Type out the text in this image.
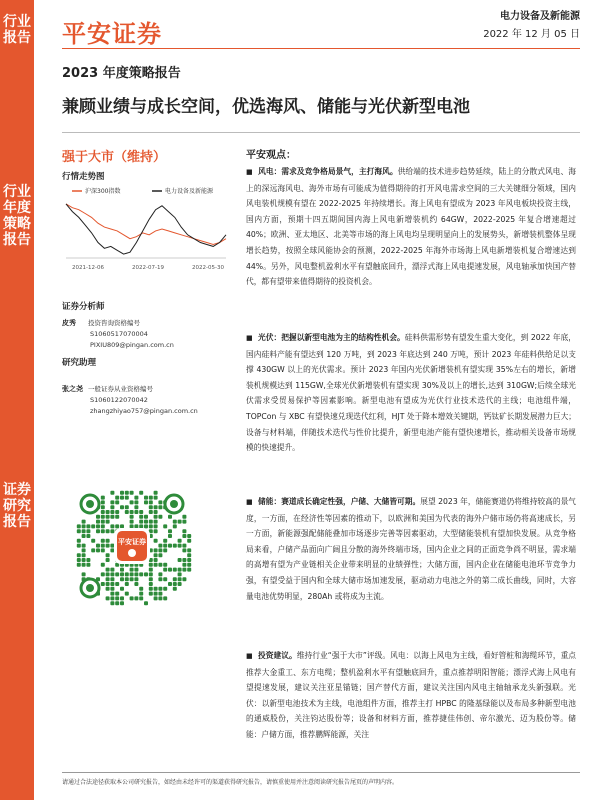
行业报告
行业年度策略报告
证券研究报告
平安证券
电力设备及新能源
2022 年 12 月 05 日
2023 年度策略报告
兼顾业绩与成长空间，优选海风、储能与光伏新型电池
强于大市（维持）
行情走势图
沪深300指数	电力设备及新能源
2021-12-06	2022-07-19	2022-05-30
证券分析师
皮秀 投资咨询资格编号
S1060517070004
PIXIU809@pingan.com.cn
研究助理
张之尧 一般证券从业资格编号
S1060122070042
zhangzhiyao757@pingan.com.cn
平安证券
平安观点：
■ 风电：需求及竞争格局景气，主打海风。供给端的技术进步趋势延续，陆上的分散式风电、海上的深远海风电、海外市场有可能成为值得期待的打开风电需求空间的三大关键细分领域，国内风电装机规模有望在 2022-2025 年持续增长。海上风电有望成为 2023 年风电板块投资主线，国内方面，预期十四五期间国内海上风电新增装机约 64GW，2022-2025 年复合增速超过 40%；欧洲、亚太地区、北美等市场的海上风电均呈现明显向上的发展势头，新增装机整体呈现增长趋势，按照全球风能协会的预测，2022-2025 年海外市场海上风电新增装机复合增速达到 44%。另外，风电整机盈利水平有望触底回升，漂浮式海上风电提速发展，风电轴承加快国产替代，都有望带来值得期待的投资机会。
■ 光伏：把握以新型电池为主的结构性机会。硅料供需形势有望发生重大变化，到 2022 年底，国内硅料产能有望达到 120 万吨，到 2023 年底达到 240 万吨，预计 2023 年硅料供给足以支撑 430GW 以上的光伏需求。预计 2023 年国内光伏新增装机有望实现 35%左右的增长，新增装机规模达到 115GW,全球光伏新增装机有望实现 30%及以上的增长,达到 310GW;后续全球光伏需求受贸易保护等因素影响。新型电池有望成为光伏行业技术迭代的主线；电池组件端，TOPCon 与 XBC 有望快速兑现迭代红利，HJT 处于降本增效关键期，钙钛矿长期发展潜力巨大；设备与材料端，伴随技术迭代与性价比提升，新型电池产能有望快速增长，推动相关设备市场规模的快速提升。
■ 储能：赛道成长确定性强，户储、大储皆可期。展望 2023 年，储能赛道仍将维持较高的景气度，一方面，在经济性等因素的推动下，以欧洲和美国为代表的海外户储市场仍将高速成长，另一方面，新能源强配储能叠加市场逐步完善等因素驱动，大型储能装机有望加快发展。从竞争格局来看，户储产品面向广阔且分散的海外终端市场，国内企业之间的正面竞争尚不明显，需求端的高增有望为产业链相关企业带来明显的业绩弹性；大储方面，国内企业在储能电池环节竞争力强，有望受益于国内和全球大储市场加速发展，驱动动力电池之外的第二成长曲线，同时，大容量电池优势明显，280Ah 或将成为主流。
■ 投资建议。维持行业“强于大市”评级。风电：以海上风电为主线，看好管桩和海缆环节，重点推荐大金重工、东方电缆；整机盈利水平有望触底回升，重点推荐明阳智能；漂浮式海上风电有望提速发展，建议关注亚星锚链；国产替代方面，建议关注国内风电主轴轴承龙头新强联。光伏：以新型电池技术为主线，电池组件方面，推荐主打 HPBC 的隆基绿能以及布局多种新型电池的通威股份，关注钧达股份等；设备和材料方面，推荐捷佳伟创、帝尔激光、迈为股份等。储能：户储方面，推荐鹏辉能源，关注
请通过合法途径获取本公司研究报告，如经由未经许可的渠道获得研究报告，请慎重使用并注意阅读研究报告尾页的声明内容。
